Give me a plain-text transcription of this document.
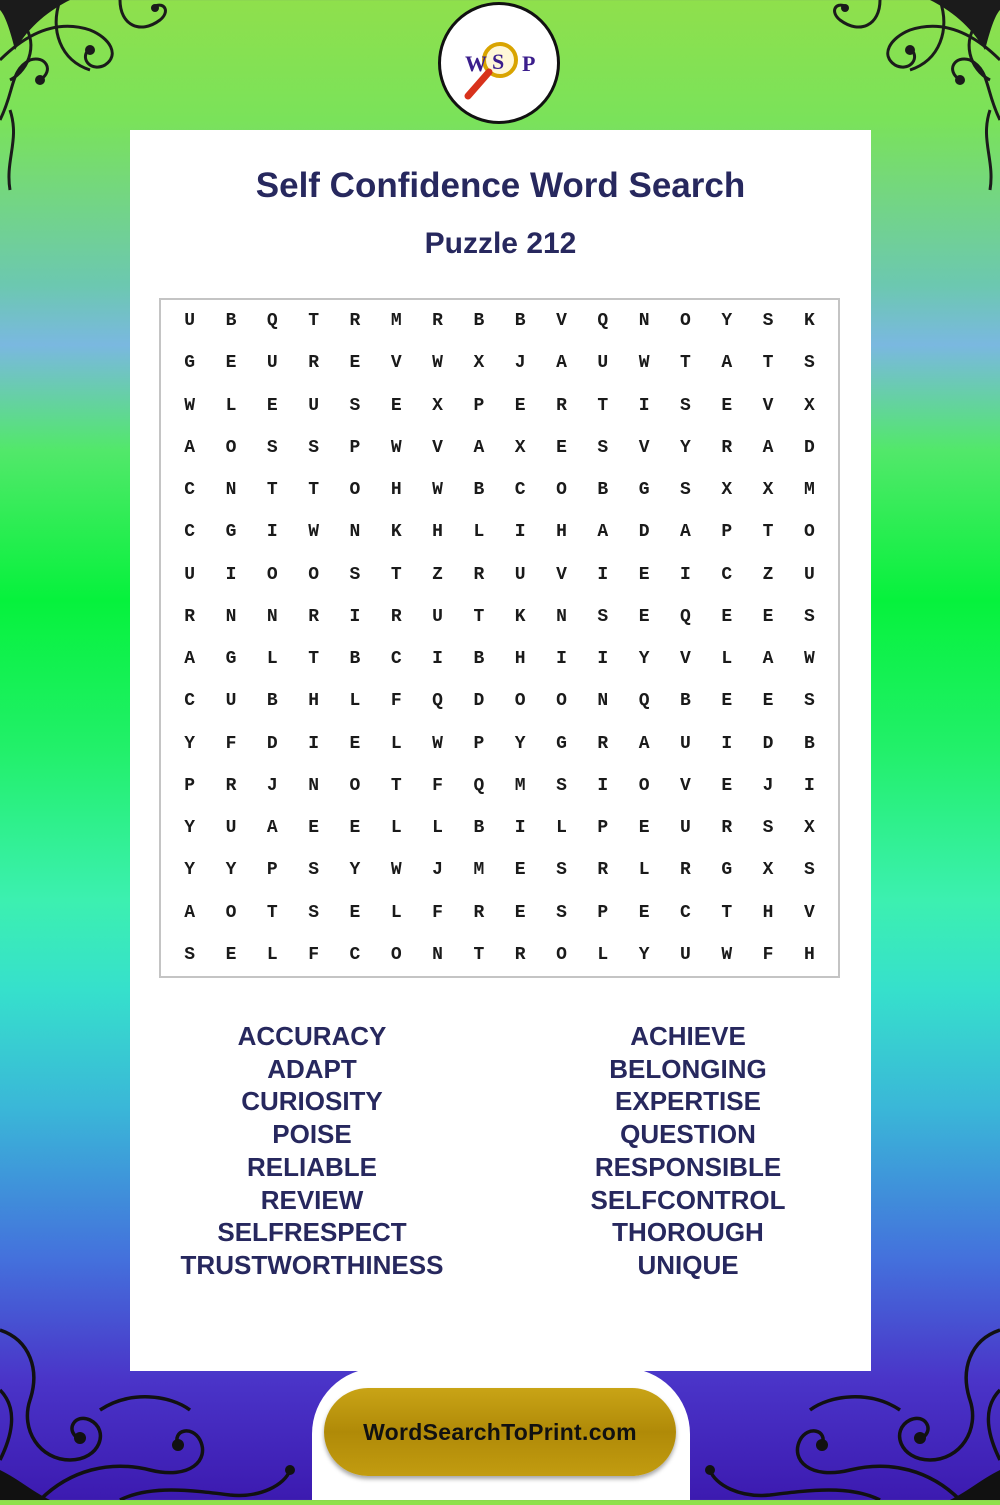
W S P
Self Confidence Word Search
Puzzle 212
U	B	Q	T	R	M	R	B	B	V	Q	N	O	Y	S	K
G	E	U	R	E	V	W	X	J	A	U	W	T	A	T	S
W	L	E	U	S	E	X	P	E	R	T	I	S	E	V	X
A	O	S	S	P	W	V	A	X	E	S	V	Y	R	A	D
C	N	T	T	O	H	W	B	C	O	B	G	S	X	X	M
C	G	I	W	N	K	H	L	I	H	A	D	A	P	T	O
U	I	O	O	S	T	Z	R	U	V	I	E	I	C	Z	U
R	N	N	R	I	R	U	T	K	N	S	E	Q	E	E	S
A	G	L	T	B	C	I	B	H	I	I	Y	V	L	A	W
C	U	B	H	L	F	Q	D	O	O	N	Q	B	E	E	S
Y	F	D	I	E	L	W	P	Y	G	R	A	U	I	D	B
P	R	J	N	O	T	F	Q	M	S	I	O	V	E	J	I
Y	U	A	E	E	L	L	B	I	L	P	E	U	R	S	X
Y	Y	P	S	Y	W	J	M	E	S	R	L	R	G	X	S
A	O	T	S	E	L	F	R	E	S	P	E	C	T	H	V
S	E	L	F	C	O	N	T	R	O	L	Y	U	W	F	H
ACCURACY
ADAPT
CURIOSITY
POISE
RELIABLE
REVIEW
SELFRESPECT
TRUSTWORTHINESS
ACHIEVE
BELONGING
EXPERTISE
QUESTION
RESPONSIBLE
SELFCONTROL
THOROUGH
UNIQUE
WordSearchToPrint.com
